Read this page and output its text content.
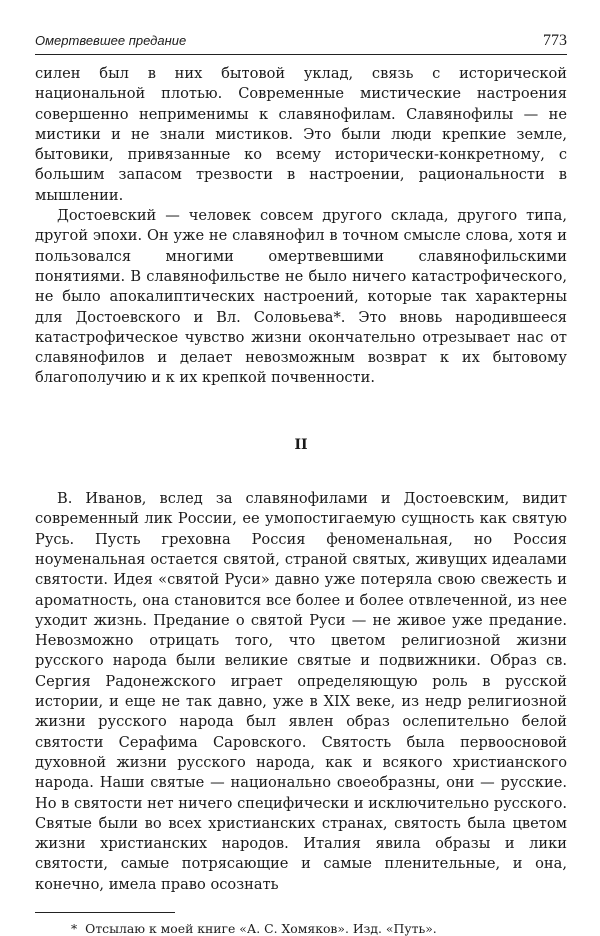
Омертвевшее предание	773

силен был в них бытовой уклад, связь с исторической национальной плотью. Современные мистические настроения совершенно неприменимы к славянофилам. Славянофилы — не мистики и не знали мистиков. Это были люди крепкие земле, бытовики, привязанные ко всему исторически-конкретному, с большим запасом трезвости в настроении, рациональности в мышлении.

Достоевский — человек совсем другого склада, другого типа, другой эпохи. Он уже не славянофил в точном смысле слова, хотя и пользовался многими омертвевшими славянофильскими понятиями. В славянофильстве не было ничего катастрофического, не было апокалиптических настроений, которые так характерны для Достоевского и Вл. Соловьева*. Это вновь народившееся катастрофическое чувство жизни окончательно отрезывает нас от славянофилов и делает невозможным возврат к их бытовому благополучию и к их крепкой почвенности.

II

В. Иванов, вслед за славянофилами и Достоевским, видит современный лик России, ее умопостигаемую сущность как святую Русь. Пусть греховна Россия феноменальная, но Россия ноуменальная остается святой, страной святых, живущих идеалами святости. Идея «святой Руси» давно уже потеряла свою свежесть и ароматность, она становится все более и более отвлеченной, из нее уходит жизнь. Предание о святой Руси — не живое уже предание. Невозможно отрицать того, что цветом религиозной жизни русского народа были великие святые и подвижники. Образ св. Сергия Радонежского играет определяющую роль в русской истории, и еще не так давно, уже в XIX веке, из недр религиозной жизни русского народа был явлен образ ослепительно белой святости Серафима Саровского. Святость была первоосновой духовной жизни русского народа, как и всякого христианского народа. Наши святые — национально своеобразны, они — русские. Но в святости нет ничего специфически и исключительно русского. Святые были во всех христианских странах, святость была цветом жизни христианских народов. Италия явила образы и лики святости, самые потрясающие и самые пленительные, и она, конечно, имела право осознать

* Отсылаю к моей книге «А. С. Хомяков». Изд. «Путь».
